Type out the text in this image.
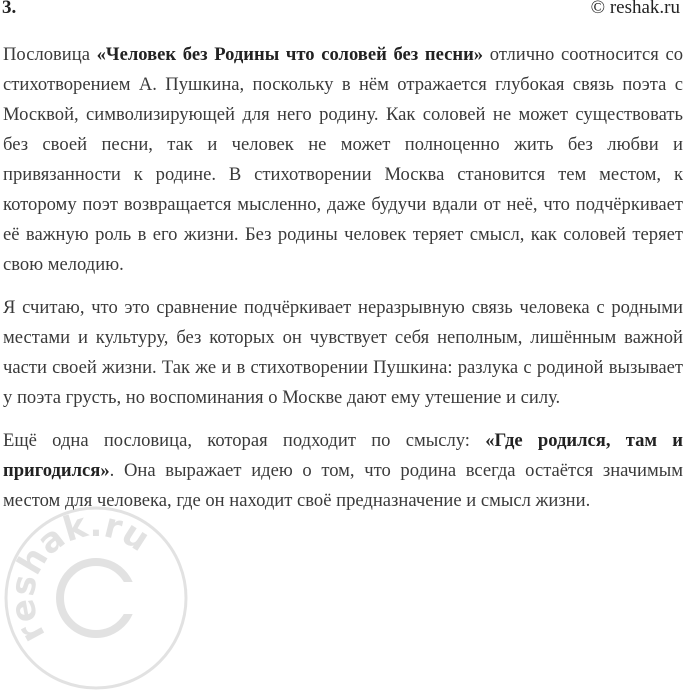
3.	© reshak.ru

Пословица «Человек без Родины что соловей без песни» отлично соотносится со стихотворением А. Пушкина, поскольку в нём отражается глубокая связь поэта с Москвой, символизирующей для него родину. Как соловей не может существовать без своей песни, так и человек не может полноценно жить без любви и привязанности к родине. В стихотворении Москва становится тем местом, к которому поэт возвращается мысленно, даже будучи вдали от неё, что подчёркивает её важную роль в его жизни. Без родины человек теряет смысл, как соловей теряет свою мелодию.

Я считаю, что это сравнение подчёркивает неразрывную связь человека с родными местами и культуру, без которых он чувствует себя неполным, лишённым важной части своей жизни. Так же и в стихотворении Пушкина: разлука с родиной вызывает у поэта грусть, но воспоминания о Москве дают ему утешение и силу.

Ещё одна пословица, которая подходит по смыслу: «Где родился, там и пригодился». Она выражает идею о том, что родина всегда остаётся значимым местом для человека, где он находит своё предназначение и смысл жизни.

reshak.ru
